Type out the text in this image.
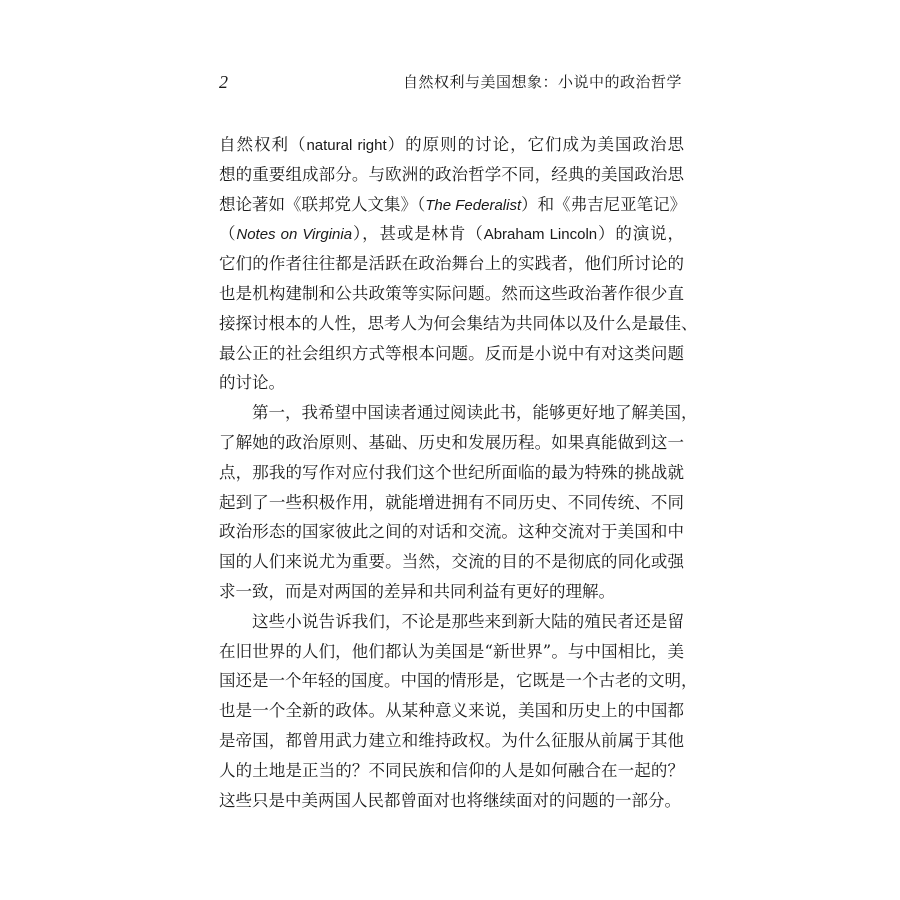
2	自然权利与美国想象：小说中的政治哲学
自然权利（natural right）的原则的讨论，它们成为美国政治思
想的重要组成部分。与欧洲的政治哲学不同，经典的美国政治思
想论著如《联邦党人文集》（The Federalist）和《弗吉尼亚笔记》
（Notes on Virginia），甚或是林肯（Abraham Lincoln）的演说，
它们的作者往往都是活跃在政治舞台上的实践者，他们所讨论的
也是机构建制和公共政策等实际问题。然而这些政治著作很少直
接探讨根本的人性，思考人为何会集结为共同体以及什么是最佳、
最公正的社会组织方式等根本问题。反而是小说中有对这类问题
的讨论。
第一，我希望中国读者通过阅读此书，能够更好地了解美国，
了解她的政治原则、基础、历史和发展历程。如果真能做到这一
点，那我的写作对应付我们这个世纪所面临的最为特殊的挑战就
起到了一些积极作用，就能增进拥有不同历史、不同传统、不同
政治形态的国家彼此之间的对话和交流。这种交流对于美国和中
国的人们来说尤为重要。当然，交流的目的不是彻底的同化或强
求一致，而是对两国的差异和共同利益有更好的理解。
这些小说告诉我们，不论是那些来到新大陆的殖民者还是留
在旧世界的人们，他们都认为美国是“新世界”。与中国相比，美
国还是一个年轻的国度。中国的情形是，它既是一个古老的文明，
也是一个全新的政体。从某种意义来说，美国和历史上的中国都
是帝国，都曾用武力建立和维持政权。为什么征服从前属于其他
人的土地是正当的？不同民族和信仰的人是如何融合在一起的？
这些只是中美两国人民都曾面对也将继续面对的问题的一部分。
